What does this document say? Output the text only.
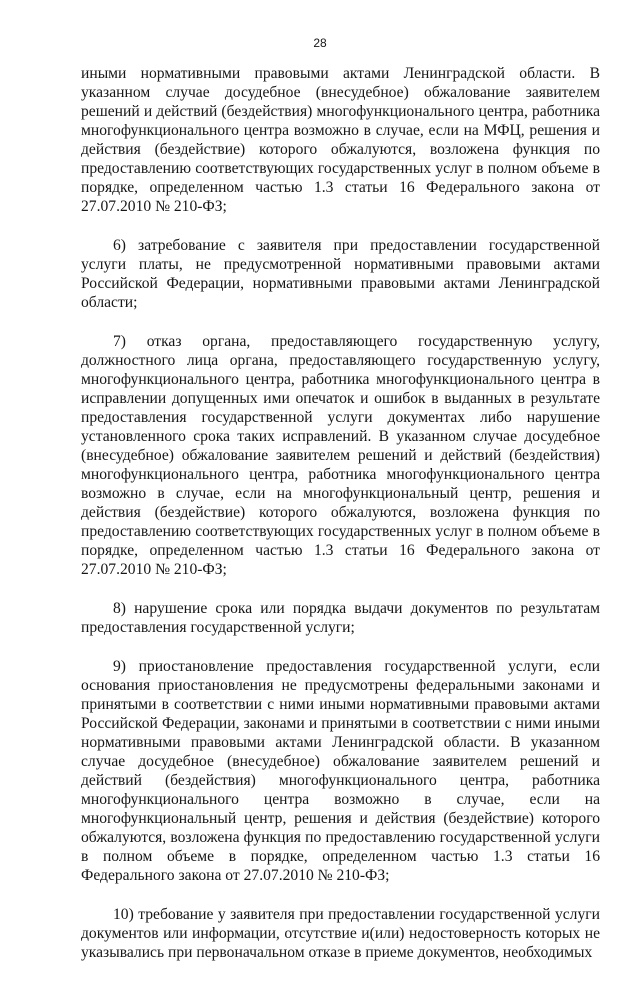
28

иными нормативными правовыми актами Ленинградской области. В указанном случае досудебное (внесудебное) обжалование заявителем решений и действий (бездействия) многофункционального центра, работника многофункционального центра возможно в случае, если на МФЦ, решения и действия (бездействие) которого обжалуются, возложена функция по предоставлению соответствующих государственных услуг в полном объеме в порядке, определенном частью 1.3 статьи 16 Федерального закона от 27.07.2010 № 210-ФЗ;

6) затребование с заявителя при предоставлении государственной услуги платы, не предусмотренной нормативными правовыми актами Российской Федерации, нормативными правовыми актами Ленинградской области;

7) отказ органа, предоставляющего государственную услугу, должностного лица органа, предоставляющего государственную услугу, многофункционального центра, работника многофункционального центра в исправлении допущенных ими опечаток и ошибок в выданных в результате предоставления государственной услуги документах либо нарушение установленного срока таких исправлений. В указанном случае досудебное (внесудебное) обжалование заявителем решений и действий (бездействия) многофункционального центра, работника многофункционального центра возможно в случае, если на многофункциональный центр, решения и действия (бездействие) которого обжалуются, возложена функция по предоставлению соответствующих государственных услуг в полном объеме в порядке, определенном частью 1.3 статьи 16 Федерального закона от 27.07.2010 № 210-ФЗ;

8) нарушение срока или порядка выдачи документов по результатам предоставления государственной услуги;

9) приостановление предоставления государственной услуги, если основания приостановления не предусмотрены федеральными законами и принятыми в соответствии с ними иными нормативными правовыми актами Российской Федерации, законами и принятыми в соответствии с ними иными нормативными правовыми актами Ленинградской области. В указанном случае досудебное (внесудебное) обжалование заявителем решений и действий (бездействия) многофункционального центра, работника многофункционального центра возможно в случае, если на многофункциональный центр, решения и действия (бездействие) которого обжалуются, возложена функция по предоставлению государственной услуги в полном объеме в порядке, определенном частью 1.3 статьи 16 Федерального закона от 27.07.2010 № 210-ФЗ;

10) требование у заявителя при предоставлении государственной услуги документов или информации, отсутствие и(или) недостоверность которых не указывались при первоначальном отказе в приеме документов, необходимых
